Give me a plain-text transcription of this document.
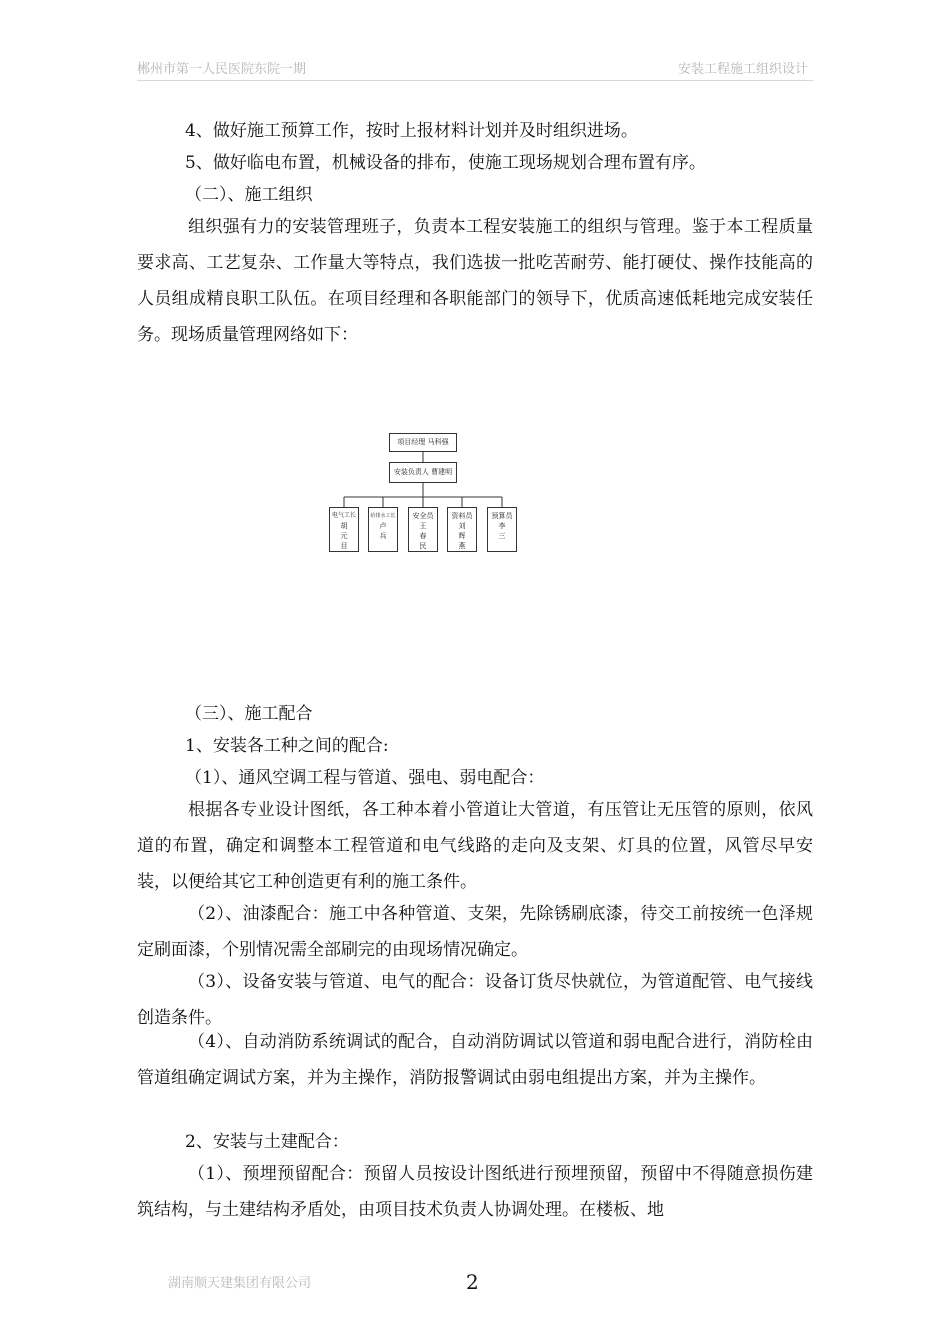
郴州市第一人民医院东院一期	安装工程施工组织设计
4、做好施工预算工作，按时上报材料计划并及时组织进场。
5、做好临电布置，机械设备的排布，使施工现场规划合理布置有序。
（二）、施工组织
组织强有力的安装管理班子，负责本工程安装施工的组织与管理。鉴于本工程质量要求高、工艺复杂、工作量大等特点，我们选拔一批吃苦耐劳、能打硬仗、操作技能高的人员组成精良职工队伍。在项目经理和各职能部门的领导下，优质高速低耗地完成安装任务。现场质量管理网络如下：
项目经理 马科强
安装负责人 曹建明
电气工长
胡
元
目
给排水工长
卢
兵
安全员
王
春
民
资料员
刘
辉
燕
预算员
李
三
（三）、施工配合
1、安装各工种之间的配合:
（1）、通风空调工程与管道、强电、弱电配合：
根据各专业设计图纸，各工种本着小管道让大管道，有压管让无压管的原则，依风道的布置，确定和调整本工程管道和电气线路的走向及支架、灯具的位置，风管尽早安装，以便给其它工种创造更有利的施工条件。
（2）、油漆配合：施工中各种管道、支架，先除锈刷底漆，待交工前按统一色泽规定刷面漆，个别情况需全部刷完的由现场情况确定。
（3）、设备安装与管道、电气的配合：设备订货尽快就位，为管道配管、电气接线创造条件。
（4）、自动消防系统调试的配合，自动消防调试以管道和弱电配合进行，消防栓由管道组确定调试方案，并为主操作，消防报警调试由弱电组提出方案，并为主操作。
2、安装与土建配合：
（1）、预埋预留配合：预留人员按设计图纸进行预埋预留，预留中不得随意损伤建筑结构，与土建结构矛盾处，由项目技术负责人协调处理。在楼板、地
湖南顺天建集团有限公司	2
